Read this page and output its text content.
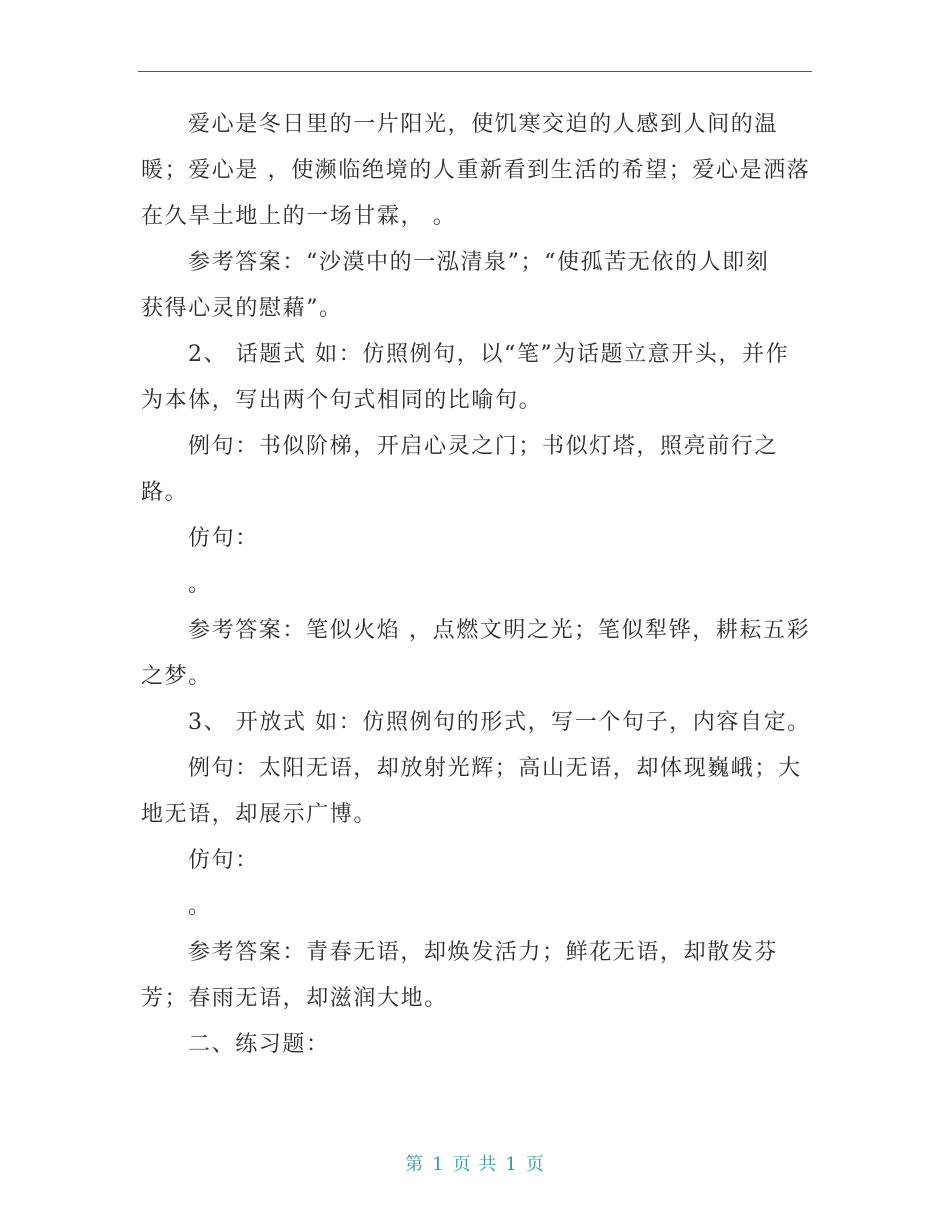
爱心是冬日里的一片阳光，使饥寒交迫的人感到人间的温
暖；爱心是 ，使濒临绝境的人重新看到生活的希望；爱心是洒落
在久旱土地上的一场甘霖， 。
参考答案：“沙漠中的一泓清泉”；“使孤苦无依的人即刻
获得心灵的慰藉”。
2、 话题式 如：仿照例句，以“笔”为话题立意开头，并作
为本体，写出两个句式相同的比喻句。
例句：书似阶梯，开启心灵之门；书似灯塔，照亮前行之
路。
仿句：
。
参考答案：笔似火焰 ，点燃文明之光；笔似犁铧，耕耘五彩
之梦。
3、 开放式 如：仿照例句的形式，写一个句子，内容自定。
例句：太阳无语，却放射光辉；高山无语，却体现巍峨；大
地无语，却展示广博。
仿句：
。
参考答案：青春无语，却焕发活力；鲜花无语，却散发芬
芳；春雨无语，却滋润大地。
二、练习题：
第 1 页 共 1 页
